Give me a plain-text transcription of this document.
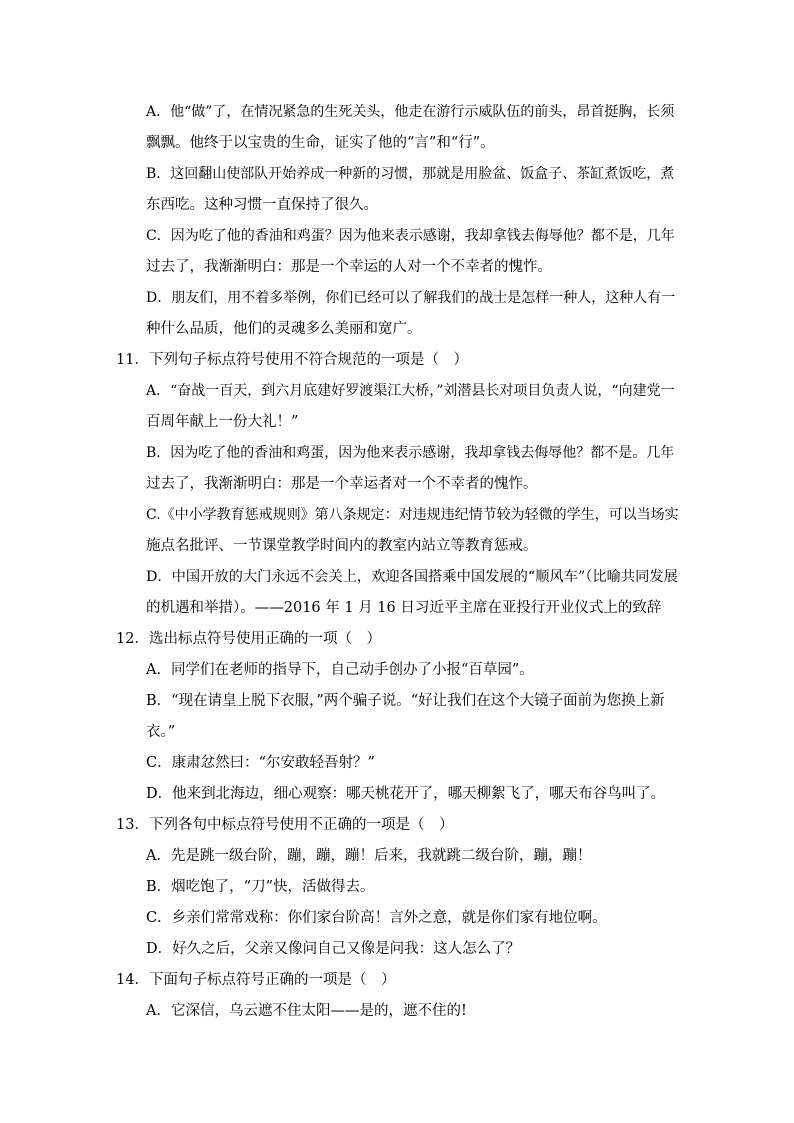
A．他“做”了，在情况紧急的生死关头，他走在游行示威队伍的前头，昂首挺胸，长须
飘飘。他终于以宝贵的生命，证实了他的“言”和“行”。
B．这回翻山使部队开始养成一种新的习惯，那就是用脸盆、饭盒子、茶缸煮饭吃，煮
东西吃。这种习惯一直保持了很久。
C．因为吃了他的香油和鸡蛋？因为他来表示感谢，我却拿钱去侮辱他？都不是，几年
过去了，我渐渐明白：那是一个幸运的人对一个不幸者的愧怍。
D．朋友们，用不着多举例，你们已经可以了解我们的战士是怎样一种人，这种人有一
种什么品质，他们的灵魂多么美丽和宽广。
11．下列句子标点符号使用不符合规范的一项是（　）
A．“奋战一百天，到六月底建好罗渡渠江大桥，”刘潜县长对项目负责人说，“向建党一
百周年献上一份大礼！”
B．因为吃了他的香油和鸡蛋，因为他来表示感谢，我却拿钱去侮辱他？都不是。几年
过去了，我渐渐明白：那是一个幸运者对一个不幸者的愧怍。
C.《中小学教育惩戒规则》第八条规定：对违规违纪情节较为轻微的学生，可以当场实
施点名批评、一节课堂教学时间内的教室内站立等教育惩戒。
D．中国开放的大门永远不会关上，欢迎各国搭乘中国发展的“顺风车”（比喻共同发展
的机遇和举措）。——2016 年 1 月 16 日习近平主席在亚投行开业仪式上的致辞
12．选出标点符号使用正确的一项（　）
A．同学们在老师的指导下，自己动手创办了小报“百草园”。
B．“现在请皇上脱下衣服，”两个骗子说。“好让我们在这个大镜子面前为您换上新
衣。”
C．康肃忿然曰：“尔安敢轻吾射？”
D．他来到北海边，细心观察：哪天桃花开了，哪天柳絮飞了，哪天布谷鸟叫了。
13．下列各句中标点符号使用不正确的一项是（　）
A．先是跳一级台阶，蹦，蹦，蹦！后来，我就跳二级台阶，蹦，蹦！
B．烟吃饱了，“刀”快，活做得去。
C．乡亲们常常戏称：你们家台阶高！言外之意，就是你们家有地位啊。
D．好久之后，父亲又像问自己又像是问我：这人怎么了？
14．下面句子标点符号正确的一项是（　）
A．它深信，乌云遮不住太阳——是的，遮不住的!
